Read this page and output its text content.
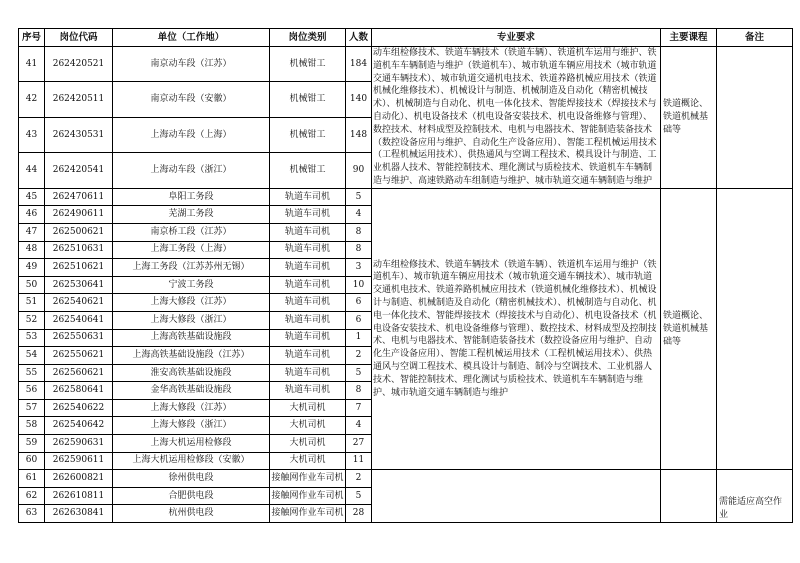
序号	岗位代码	单位（工作地）	岗位类别	人数	专业要求	主要课程	备注
41	262420521	南京动车段（江苏）	机械钳工	184	动车组检修技术、铁道车辆技术（铁道车辆）、铁道机车运用与维护、铁道机车车辆制造与维护（铁道机车）、城市轨道车辆应用技术（城市轨道交通车辆技术）、城市轨道交通机电技术、铁道养路机械应用技术（铁道机械化维修技术）、机械设计与制造、机械制造及自动化（精密机械技术）、机械制造与自动化、机电一体化技术、智能焊接技术（焊接技术与自动化）、机电设备技术（机电设备安装技术、机电设备维修与管理）、数控技术、材料成型及控制技术、电机与电器技术、智能制造装备技术（数控设备应用与维护、自动化生产设备应用）、智能工程机械运用技术（工程机械运用技术）、供热通风与空调工程技术、模具设计与制造、工业机器人技术、智能控制技术、理化测试与质检技术、铁道机车车辆制造与维护、高速铁路动车组制造与维护、城市轨道交通车辆制造与维护	铁道概论、铁道机械基础等	
42	262420511	南京动车段（安徽）	机械钳工	140			
43	262430531	上海动车段（上海）	机械钳工	148			
44	262420541	上海动车段（浙江）	机械钳工	90			
45	262470611	阜阳工务段	轨道车司机	5	动车组检修技术、铁道车辆技术（铁道车辆）、铁道机车运用与维护（铁道机车）、城市轨道车辆应用技术（城市轨道交通车辆技术）、城市轨道交通机电技术、铁道养路机械应用技术（铁道机械化维修技术）、机械设计与制造、机械制造及自动化（精密机械技术）、机械制造与自动化、机电一体化技术、智能焊接技术（焊接技术与自动化）、机电设备技术（机电设备安装技术、机电设备维修与管理）、数控技术、材料成型及控制技术、电机与电器技术、智能制造装备技术（数控设备应用与维护、自动化生产设备应用）、智能工程机械运用技术（工程机械运用技术）、供热通风与空调工程技术、模具设计与制造、制冷与空调技术、工业机器人技术、智能控制技术、理化测试与质检技术、铁道机车车辆制造与维护、城市轨道交通车辆制造与维护	铁道概论、铁道机械基础等	
46	262490611	芜湖工务段	轨道车司机	4			
47	262500621	南京桥工段（江苏）	轨道车司机	8			
48	262510631	上海工务段（上海）	轨道车司机	8			
49	262510621	上海工务段（江苏苏州无锡）	轨道车司机	3			
50	262530641	宁波工务段	轨道车司机	10			
51	262540621	上海大修段（江苏）	轨道车司机	6			
52	262540641	上海大修段（浙江）	轨道车司机	6			
53	262550631	上海高铁基础设施段	轨道车司机	1			
54	262550621	上海高铁基础设施段（江苏）	轨道车司机	2			
55	262560621	淮安高铁基础设施段	轨道车司机	5			
56	262580641	金华高铁基础设施段	轨道车司机	8			
57	262540622	上海大修段（江苏）	大机司机	7			
58	262540642	上海大修段（浙江）	大机司机	4			
59	262590631	上海大机运用检修段	大机司机	27			
60	262590611	上海大机运用检修段（安徽）	大机司机	11			
61	262600821	徐州供电段	接触网作业车司机	2			需能适应高空作业
62	262610811	合肥供电段	接触网作业车司机	5			
63	262630841	杭州供电段	接触网作业车司机	28			
